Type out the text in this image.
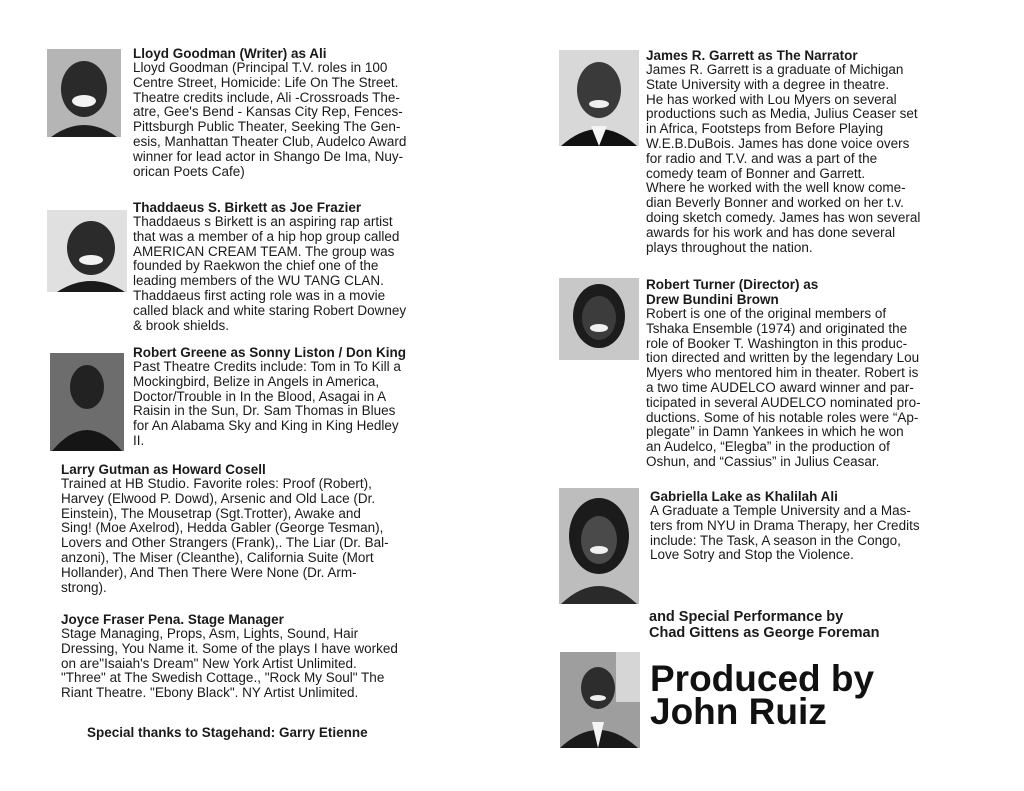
Lloyd Goodman (Writer) as Ali

Lloyd Goodman (Principal T.V. roles in 100
Centre Street, Homicide: Life On The Street.
Theatre credits include, Ali -Crossroads The-
atre, Gee's Bend - Kansas City Rep, Fences-
Pittsburgh Public Theater, Seeking The Gen-
esis, Manhattan Theater Club, Audelco Award
winner for lead actor in Shango De Ima, Nuy-
orican Poets Cafe)

Thaddaeus S. Birkett as Joe Frazier

Thaddaeus s Birkett is an aspiring rap artist
that was a member of a hip hop group called
AMERICAN CREAM TEAM. The group was
founded by Raekwon the chief one of the
leading members of the WU TANG CLAN.
Thaddaeus first acting role was in a movie
called black and white staring Robert Downey
& brook shields.

Robert Greene as Sonny Liston / Don King

Past Theatre Credits include: Tom in To Kill a
Mockingbird, Belize in Angels in America,
Doctor/Trouble in In the Blood, Asagai in A
Raisin in the Sun, Dr. Sam Thomas in Blues
for An Alabama Sky and King in King Hedley
II.

Larry Gutman as Howard Cosell

Trained at HB Studio. Favorite roles: Proof (Robert),
Harvey (Elwood P. Dowd), Arsenic and Old Lace (Dr.
Einstein), The Mousetrap (Sgt.Trotter), Awake and
Sing! (Moe Axelrod), Hedda Gabler (George Tesman),
Lovers and Other Strangers (Frank),. The Liar (Dr. Bal-
anzoni), The Miser (Cleanthe), California Suite (Mort
Hollander), And Then There Were None (Dr. Arm-
strong).

Joyce Fraser Pena. Stage Manager

Stage Managing, Props, Asm, Lights, Sound, Hair
Dressing, You Name it. Some of the plays I have worked
on are"Isaiah's Dream" New York Artist Unlimited.
"Three" at The Swedish Cottage., "Rock My Soul" The
Riant Theatre. "Ebony Black". NY Artist Unlimited.

Special thanks to Stagehand: Garry Etienne

James R. Garrett as The Narrator

James R. Garrett is a graduate of Michigan
State University with a degree in theatre.
He has worked with Lou Myers on several
productions such as Media, Julius Ceaser set
in Africa, Footsteps from Before Playing
W.E.B.DuBois. James has done voice overs
for radio and T.V. and was a part of the
comedy team of Bonner and Garrett.
Where he worked with the well know come-
dian Beverly Bonner and worked on her t.v.
doing sketch comedy. James has won several
awards for his work and has done several
plays throughout the nation.

Robert Turner (Director) as
Drew Bundini Brown

Robert is one of the original members of
Tshaka Ensemble (1974) and originated the
role of Booker T. Washington in this produc-
tion directed and written by the legendary Lou
Myers who mentored him in theater. Robert is
a two time AUDELCO award winner and par-
ticipated in several AUDELCO nominated pro-
ductions. Some of his notable roles were “Ap-
plegate” in Damn Yankees in which he won
an Audelco, “Elegba” in the production of
Oshun, and “Cassius” in Julius Ceasar.

Gabriella Lake as Khalilah Ali

A Graduate a Temple University and a Mas-
ters from NYU in Drama Therapy, her Credits
include: The Task, A season in the Congo,
Love Sotry and Stop the Violence.

and Special Performance by
Chad Gittens as George Foreman
Produced by
John Ruiz
